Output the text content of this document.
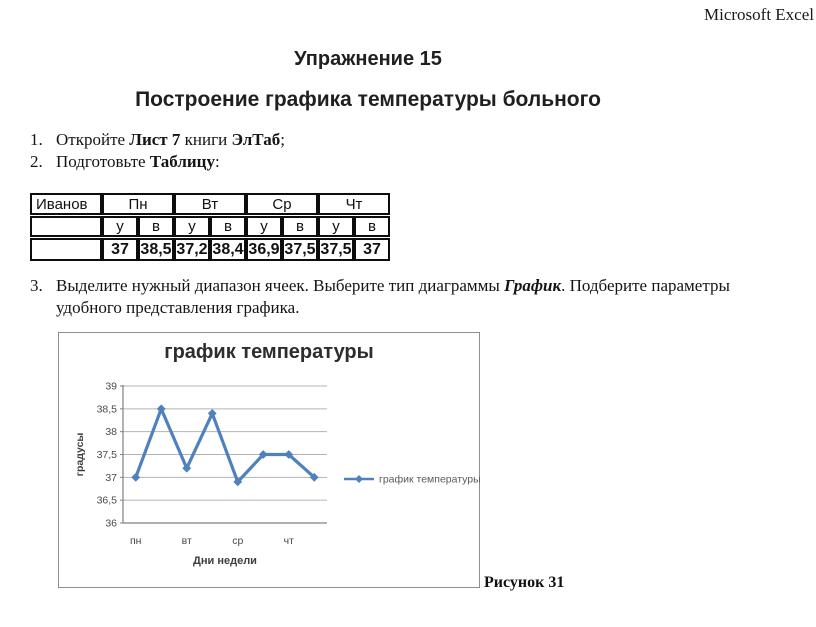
Microsoft Excel
Упражнение 15
Построение графика температуры больного
1. Откройте Лист 7 книги ЭлТаб;
2. Подготовьте Таблицу:
Иванов	Пн		Вт		Ср		Чт	
	у	в	у	в	у	в	у	в
	37	38,5	37,2	38,4	36,9	37,5	37,5	37
3. Выделите нужный диапазон ячеек. Выберите тип диаграммы График. Подберите параметры
удобного представления графика.
график температуры
39
38,5
38
37,5
37
36,5
36
пн	вт	ср	чт
градусы
Дни недели
график температуры
Рисунок 31
